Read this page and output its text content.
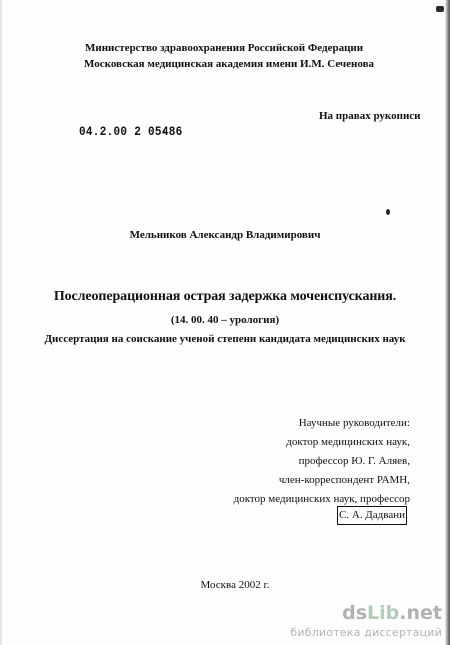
Министерство здравоохранения Российской Федерации
Московская медицинская академия имени И.М. Сеченова
На правах рукописи
04.2.00 2 05486
Мельников Александр Владимирович
Послеоперационная острая задержка мочеиспускания.
(14. 00. 40 – урология)
Диссертация на соискание ученой степени кандидата медицинских наук
Научные руководители:
доктор медицинских наук,
профессор Ю. Г. Аляев,
член-корреспондент РАМН,
доктор медицинских наук, профессор
С. А. Дадвани
Москва 2002 г.
ds Lib .net
библиотека диссертаций
